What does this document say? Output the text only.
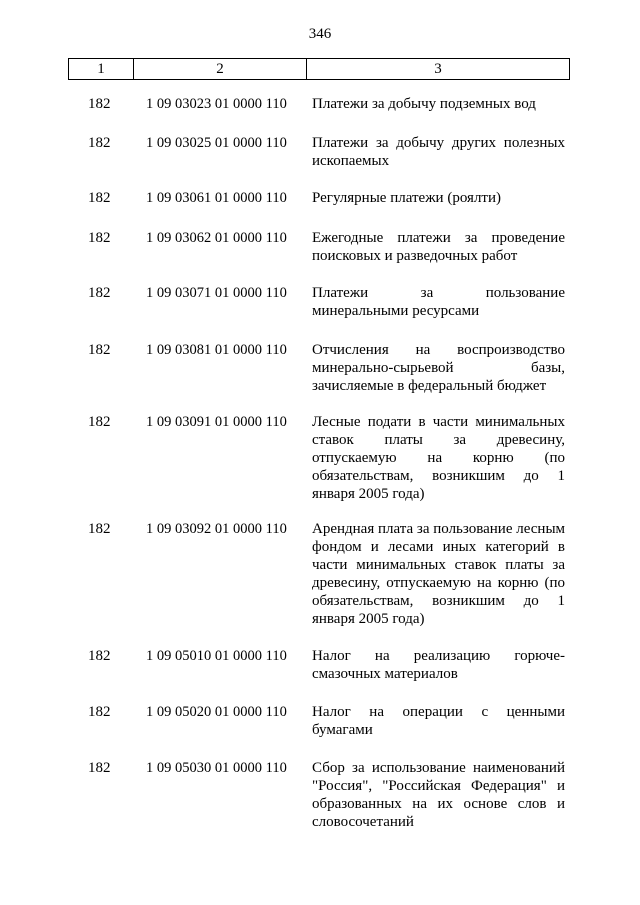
346
1	2	3
182	1 09 03023 01 0000 110	Платежи за добычу подземных вод
182	1 09 03025 01 0000 110	Платежи за добычу других полезных ископаемых
182	1 09 03061 01 0000 110	Регулярные платежи (роялти)
182	1 09 03062 01 0000 110	Ежегодные платежи за проведение поисковых и разведочных работ
182	1 09 03071 01 0000 110	Платежи за пользование минеральными ресурсами
182	1 09 03081 01 0000 110	Отчисления на воспроизводство минерально-сырьевой базы, зачисляемые в федеральный бюджет
182	1 09 03091 01 0000 110	Лесные подати в части минимальных ставок платы за древесину, отпускаемую на корню (по обязательствам, возникшим до 1 января 2005 года)
182	1 09 03092 01 0000 110	Арендная плата за пользование лесным фондом и лесами иных категорий в части минимальных ставок платы за древесину, отпускаемую на корню (по обязательствам, возникшим до 1 января 2005 года)
182	1 09 05010 01 0000 110	Налог на реализацию горюче-смазочных материалов
182	1 09 05020 01 0000 110	Налог на операции с ценными бумагами
182	1 09 05030 01 0000 110	Сбор за использование наименований "Россия", "Российская Федерация" и образованных на их основе слов и словосочетаний
